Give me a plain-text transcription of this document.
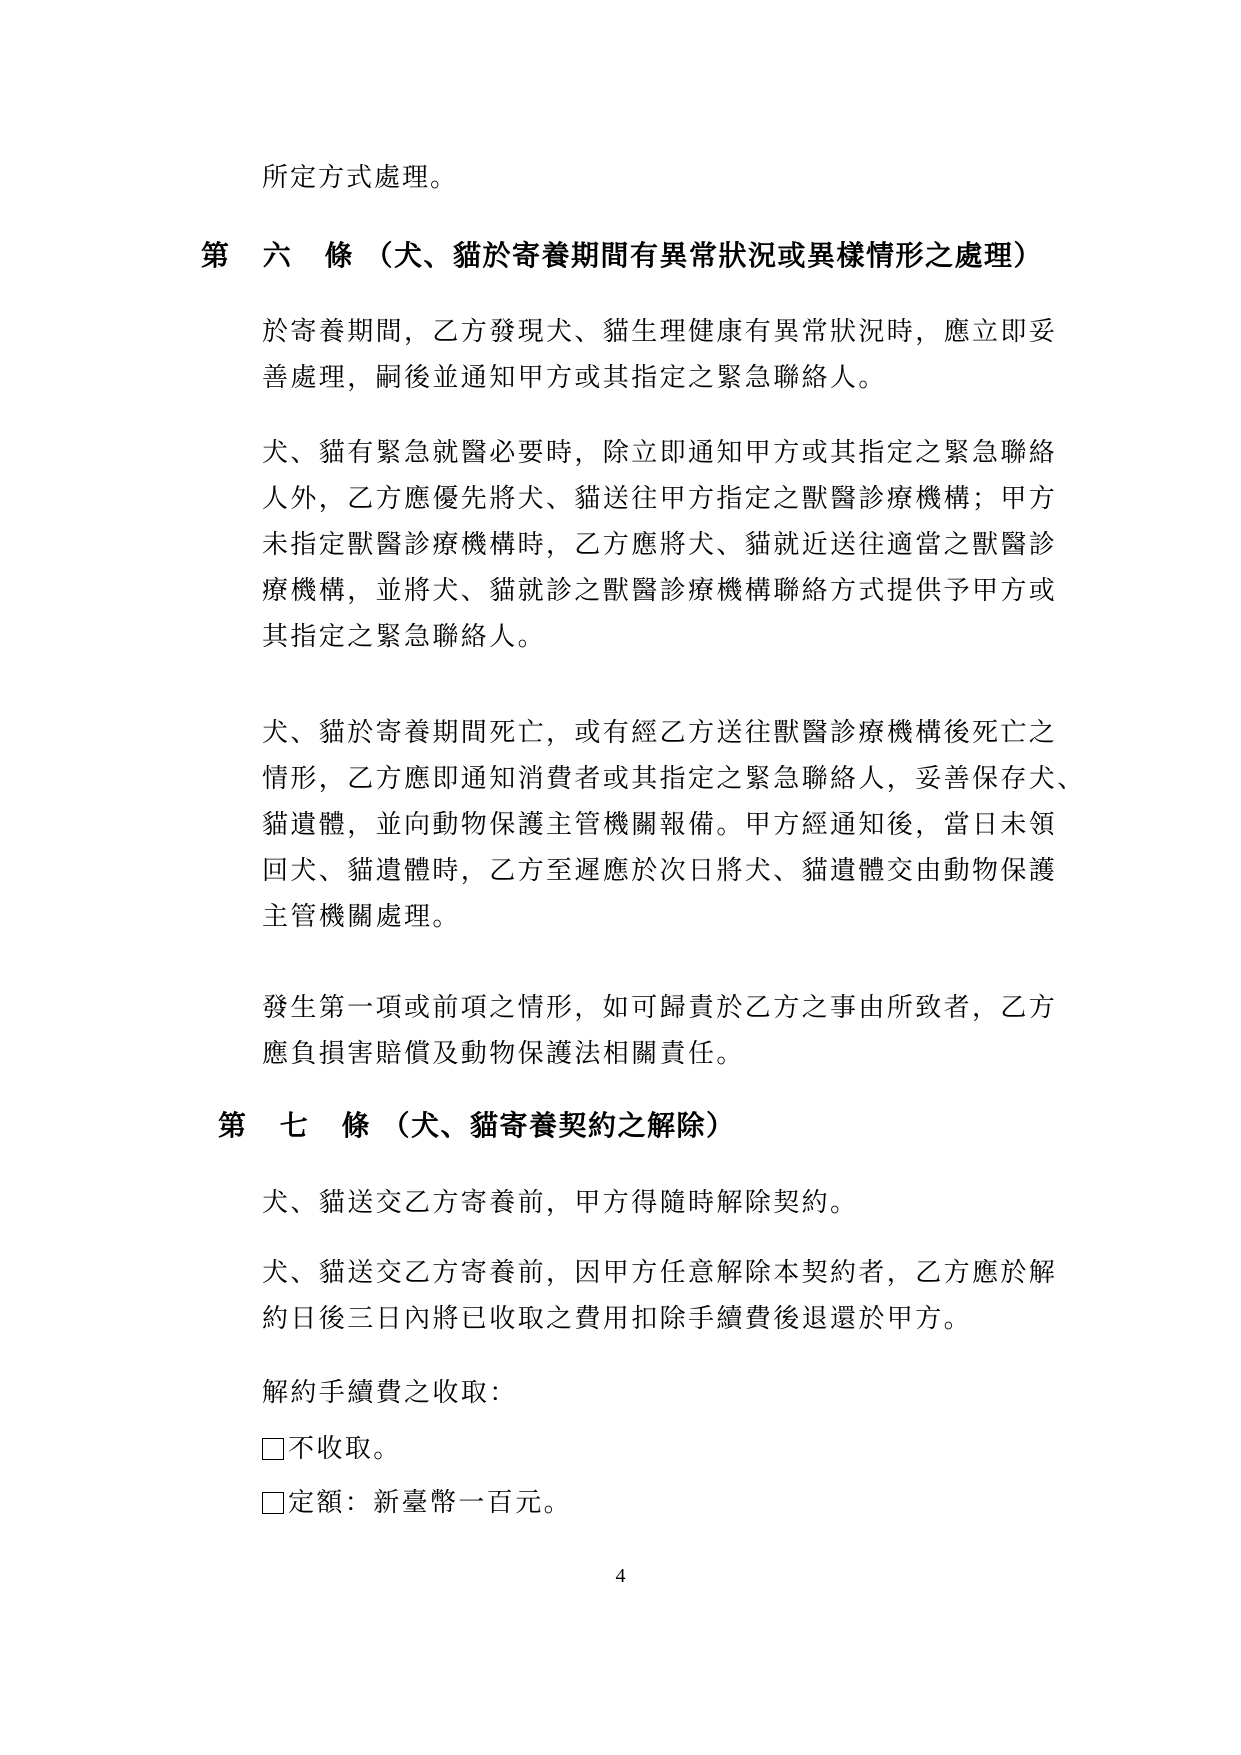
所定方式處理。
第 六 條（犬、貓於寄養期間有異常狀況或異樣情形之處理）
於寄養期間，乙方發現犬、貓生理健康有異常狀況時，應立即妥
善處理，嗣後並通知甲方或其指定之緊急聯絡人。
犬、貓有緊急就醫必要時，除立即通知甲方或其指定之緊急聯絡
人外，乙方應優先將犬、貓送往甲方指定之獸醫診療機構；甲方
未指定獸醫診療機構時，乙方應將犬、貓就近送往適當之獸醫診
療機構，並將犬、貓就診之獸醫診療機構聯絡方式提供予甲方或
其指定之緊急聯絡人。
犬、貓於寄養期間死亡，或有經乙方送往獸醫診療機構後死亡之
情形，乙方應即通知消費者或其指定之緊急聯絡人，妥善保存犬、
貓遺體，並向動物保護主管機關報備。甲方經通知後，當日未領
回犬、貓遺體時，乙方至遲應於次日將犬、貓遺體交由動物保護
主管機關處理。
發生第一項或前項之情形，如可歸責於乙方之事由所致者，乙方
應負損害賠償及動物保護法相關責任。
第 七 條（犬、貓寄養契約之解除）
犬、貓送交乙方寄養前，甲方得隨時解除契約。
犬、貓送交乙方寄養前，因甲方任意解除本契約者，乙方應於解
約日後三日內將已收取之費用扣除手續費後退還於甲方。
解約手續費之收取：
不收取。
定額：新臺幣一百元。
4
